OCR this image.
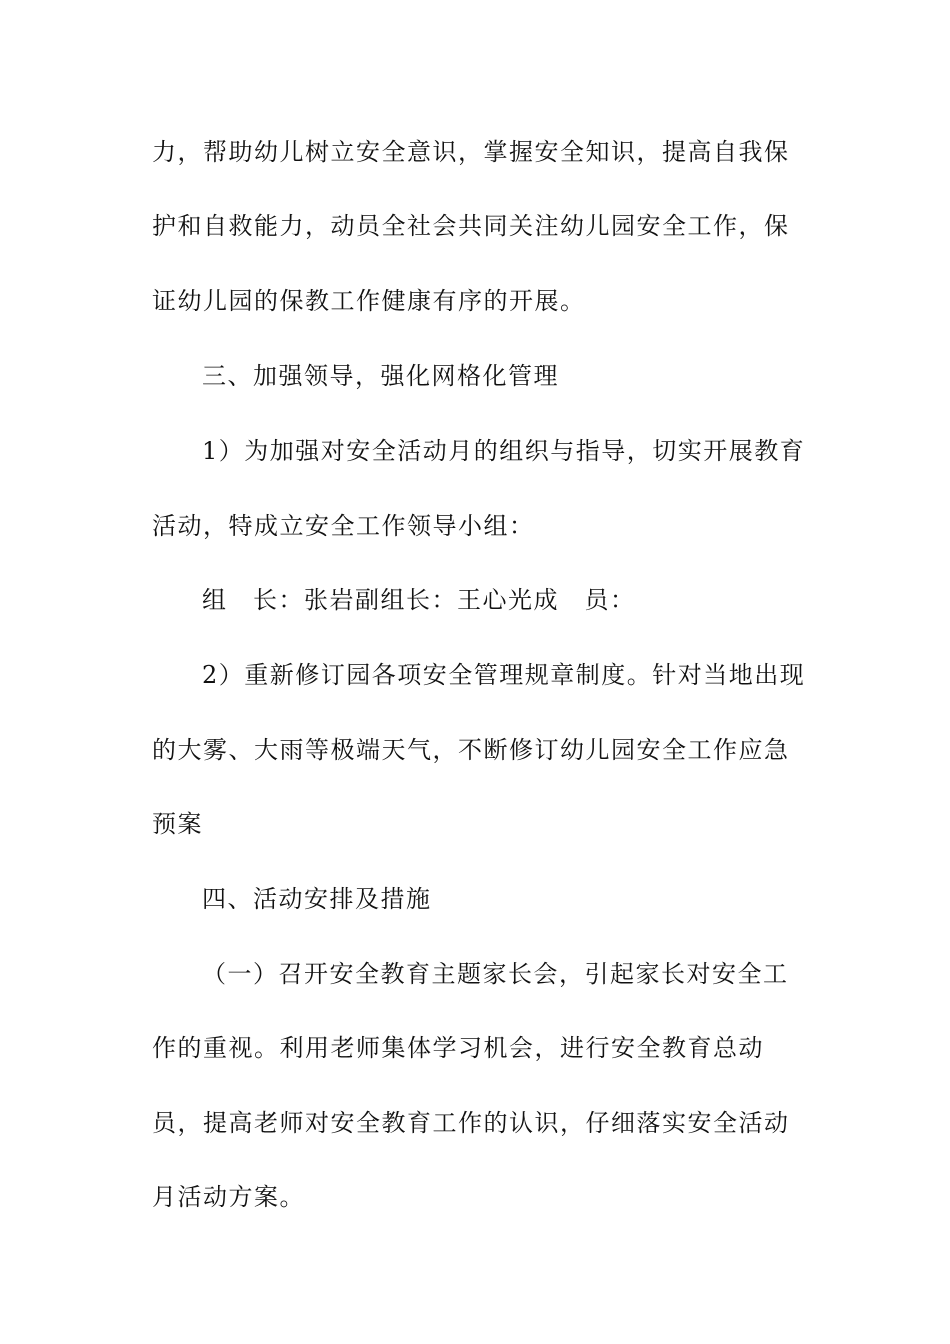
力，帮助幼儿树立安全意识，掌握安全知识，提高自我保
护和自救能力，动员全社会共同关注幼儿园安全工作，保
证幼儿园的保教工作健康有序的开展。
三、加强领导，强化网格化管理
1）为加强对安全活动月的组织与指导，切实开展教育
活动，特成立安全工作领导小组：
组　长：张岩副组长：王心光成　员：
2）重新修订园各项安全管理规章制度。针对当地出现
的大雾、大雨等极端天气，不断修订幼儿园安全工作应急
预案
四、活动安排及措施
（一）召开安全教育主题家长会，引起家长对安全工
作的重视。利用老师集体学习机会，进行安全教育总动
员，提高老师对安全教育工作的认识，仔细落实安全活动
月活动方案。
